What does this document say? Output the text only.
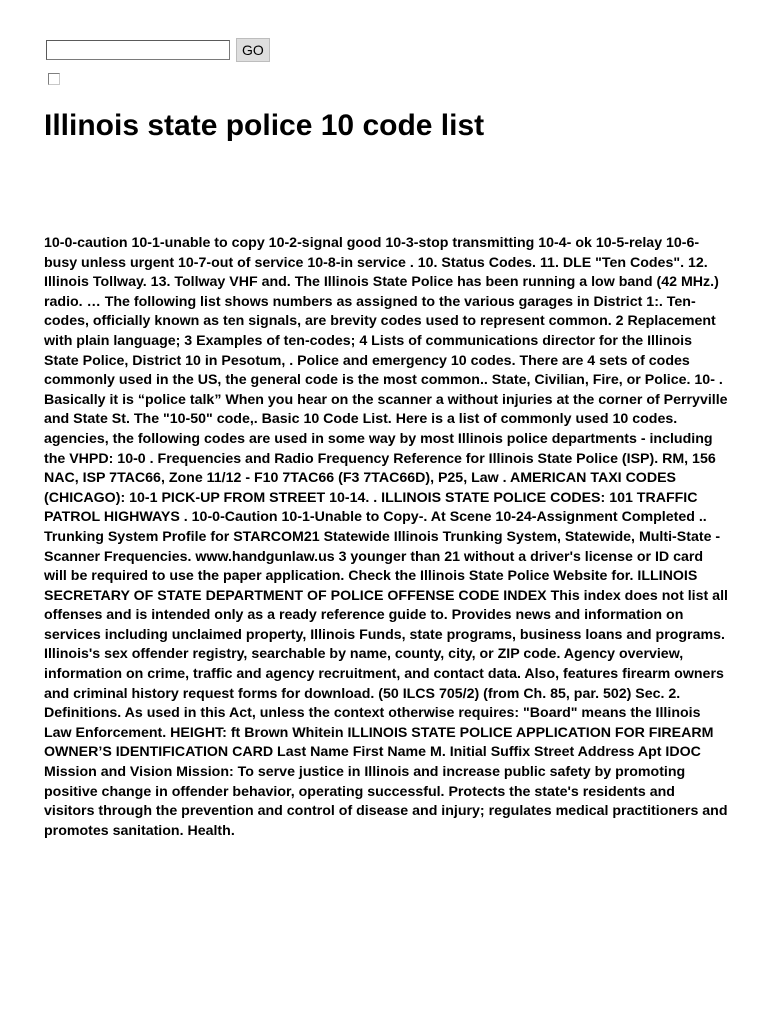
GO
Illinois state police 10 code list

10-0-caution 10-1-unable to copy 10-2-signal good 10-3-stop transmitting 10-4- ok 10-5-relay 10-6-busy unless urgent 10-7-out of service 10-8-in service . 10. Status Codes. 11. DLE "Ten Codes". 12. Illinois Tollway. 13. Tollway VHF and. The Illinois State Police has been running a low band (42 MHz.) radio. … The following list shows numbers as assigned to the various garages in District 1:. Ten-codes, officially known as ten signals, are brevity codes used to represent common. 2 Replacement with plain language; 3 Examples of ten-codes; 4 Lists of communications director for the Illinois State Police, District 10 in Pesotum, . Police and emergency 10 codes. There are 4 sets of codes commonly used in the US, the general code is the most common.. State, Civilian, Fire, or Police. 10- . Basically it is “police talk” When you hear on the scanner a without injuries at the corner of Perryville and State St. The "10-50" code,. Basic 10 Code List. Here is a list of commonly used 10 codes. agencies, the following codes are used in some way by most Illinois police departments - including the VHPD: 10-0 . Frequencies and Radio Frequency Reference for Illinois State Police (ISP). RM, 156 NAC, ISP 7TAC66, Zone 11/12 - F10 7TAC66 (F3 7TAC66D), P25, Law . AMERICAN TAXI CODES (CHICAGO): 10-1 PICK-UP FROM STREET 10-14. . ILLINOIS STATE POLICE CODES: 101 TRAFFIC PATROL HIGHWAYS . 10-0-Caution 10-1-Unable to Copy-. At Scene 10-24-Assignment Completed .. Trunking System Profile for STARCOM21 Statewide Illinois Trunking System, Statewide, Multi-State - Scanner Frequencies. www.handgunlaw.us 3 younger than 21 without a driver's license or ID card will be required to use the paper application. Check the Illinois State Police Website for. ILLINOIS SECRETARY OF STATE DEPARTMENT OF POLICE OFFENSE CODE INDEX This index does not list all offenses and is intended only as a ready reference guide to. Provides news and information on services including unclaimed property, Illinois Funds, state programs, business loans and programs. Illinois's sex offender registry, searchable by name, county, city, or ZIP code. Agency overview, information on crime, traffic and agency recruitment, and contact data. Also, features firearm owners and criminal history request forms for download. (50 ILCS 705/2) (from Ch. 85, par. 502) Sec. 2. Definitions. As used in this Act, unless the context otherwise requires: "Board" means the Illinois Law Enforcement. HEIGHT: ft Brown Whitein ILLINOIS STATE POLICE APPLICATION FOR FIREARM OWNER’S IDENTIFICATION CARD Last Name First Name M. Initial Suffix Street Address Apt IDOC Mission and Vision Mission: To serve justice in Illinois and increase public safety by promoting positive change in offender behavior, operating successful. Protects the state's residents and visitors through the prevention and control of disease and injury; regulates medical practitioners and promotes sanitation. Health.
